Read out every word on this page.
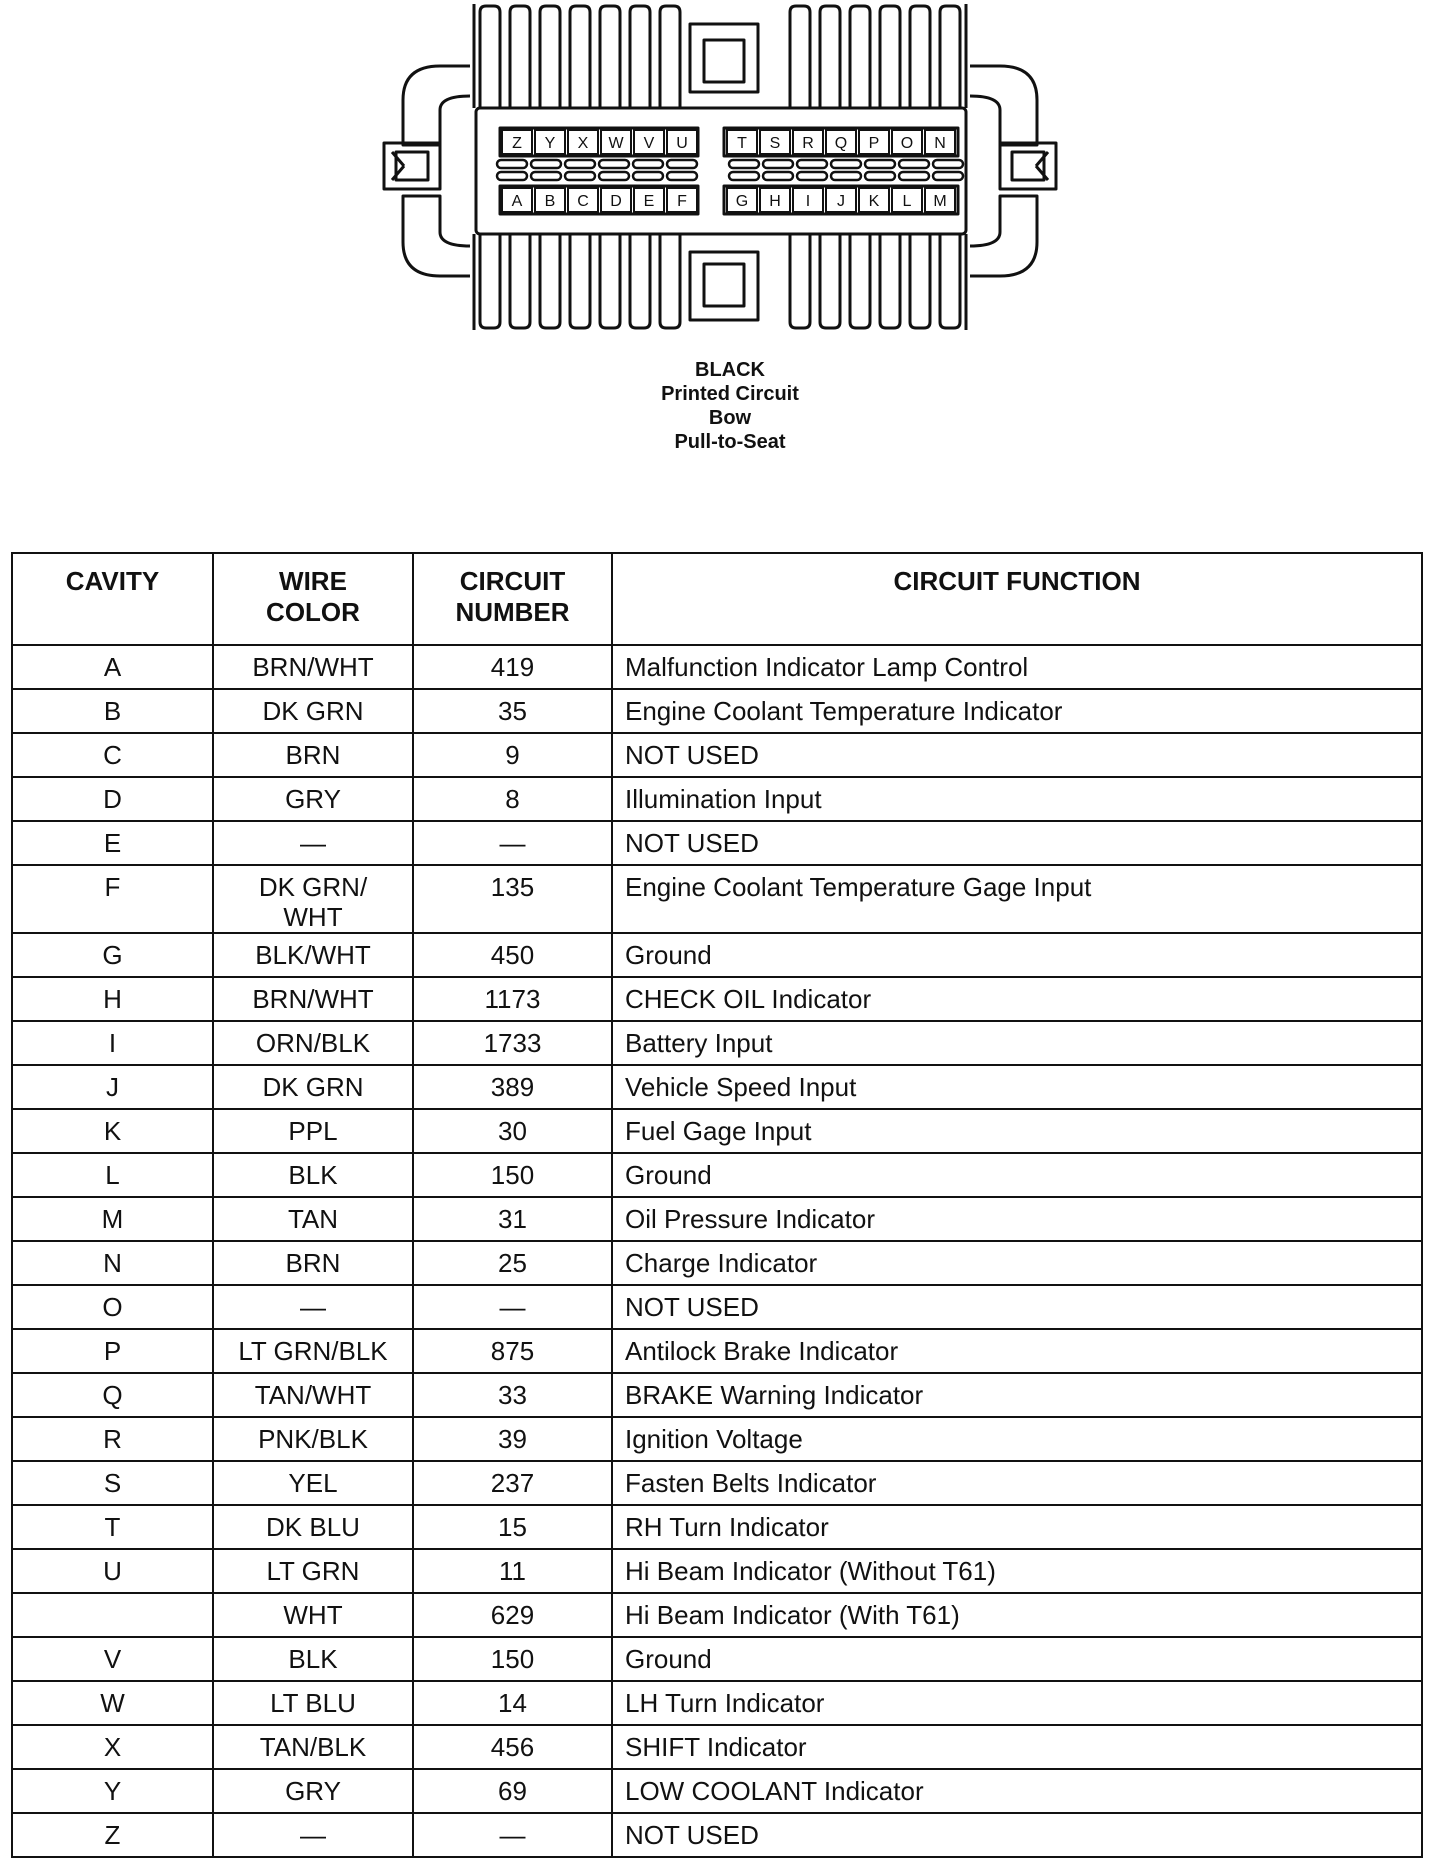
Z Y X W V U	T S R Q P O N
A B C D E F	G H I J K L M
BLACK
Printed Circuit
Bow
Pull-to-Seat
CAVITY	WIRE COLOR	CIRCUIT NUMBER	CIRCUIT FUNCTION
A	BRN/WHT	419	Malfunction Indicator Lamp Control
B	DK GRN	35	Engine Coolant Temperature Indicator
C	BRN	9	NOT USED
D	GRY	8	Illumination Input
E	—	—	NOT USED
F	DK GRN/ WHT	135	Engine Coolant Temperature Gage Input
G	BLK/WHT	450	Ground
H	BRN/WHT	1173	CHECK OIL Indicator
I	ORN/BLK	1733	Battery Input
J	DK GRN	389	Vehicle Speed Input
K	PPL	30	Fuel Gage Input
L	BLK	150	Ground
M	TAN	31	Oil Pressure Indicator
N	BRN	25	Charge Indicator
O	—	—	NOT USED
P	LT GRN/BLK	875	Antilock Brake Indicator
Q	TAN/WHT	33	BRAKE Warning Indicator
R	PNK/BLK	39	Ignition Voltage
S	YEL	237	Fasten Belts Indicator
T	DK BLU	15	RH Turn Indicator
U	LT GRN	11	Hi Beam Indicator (Without T61)
	WHT	629	Hi Beam Indicator (With T61)
V	BLK	150	Ground
W	LT BLU	14	LH Turn Indicator
X	TAN/BLK	456	SHIFT Indicator
Y	GRY	69	LOW COOLANT Indicator
Z	—	—	NOT USED
